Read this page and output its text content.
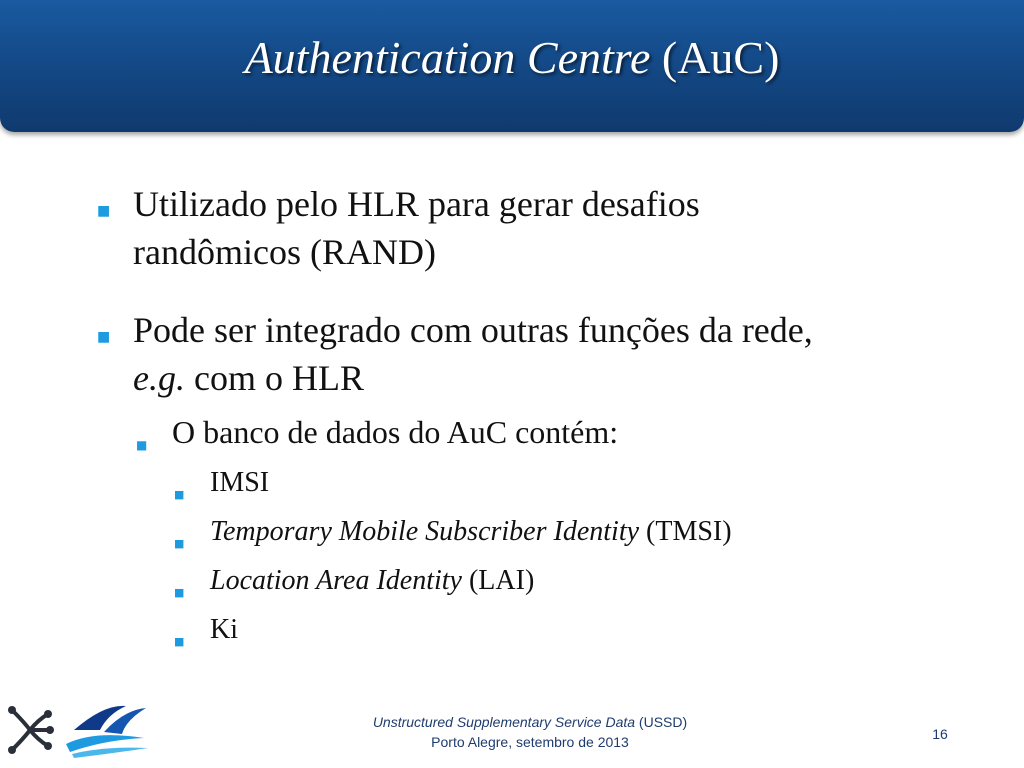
Authentication Centre (AuC)
■ Utilizado pelo HLR para gerar desafios
randômicos (RAND)
■ Pode ser integrado com outras funções da rede,
e.g. com o HLR
■ O banco de dados do AuC contém:
■ IMSI
■ Temporary Mobile Subscriber Identity (TMSI)
■ Location Area Identity (LAI)
■ Ki
Unstructured Supplementary Service Data (USSD)
Porto Alegre, setembro de 2013	16
